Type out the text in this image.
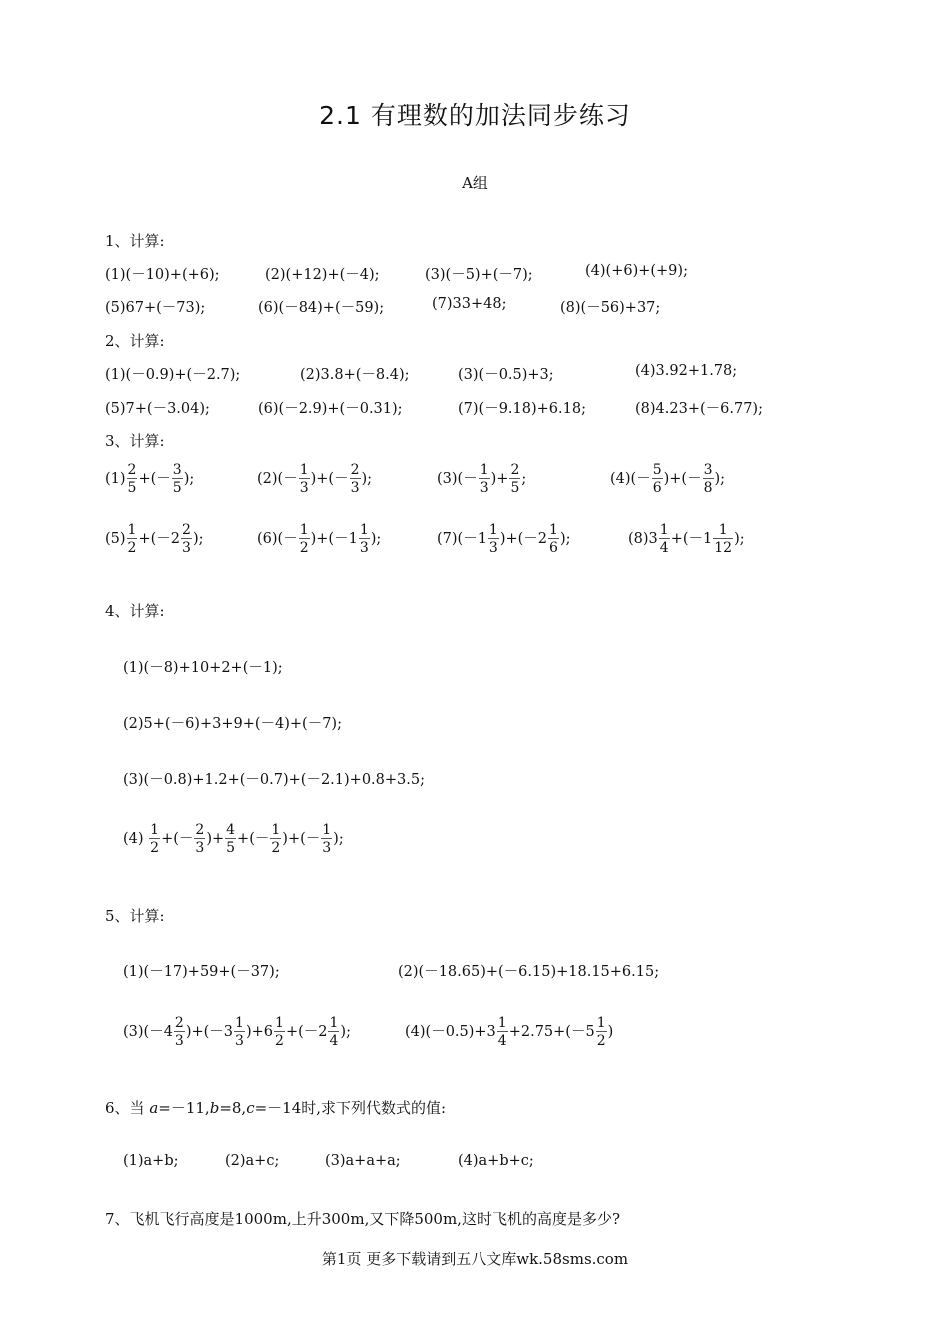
2.1 有理数的加法同步练习
A组
1、计算:
(1)(－10)+(+6);	(2)(+12)+(－4);	(3)(－5)+(－7);	(4)(+6)+(+9);
(5)67+(－73);	(6)(－84)+(－59);	(7)33+48;	(8)(－56)+37;
2、计算:
(1)(－0.9)+(－2.7);	(2)3.8+(－8.4);	(3)(－0.5)+3;	(4)3.92+1.78;
(5)7+(－3.04);	(6)(－2.9)+(－0.31);	(7)(－9.18)+6.18;	(8)4.23+(－6.77);
3、计算:
$(1) \frac{2}{5}$ +(－ $\frac{3}{5}$ );	$(2)(- \frac{1}{3}$ )+(－ $\frac{2}{3}$ );	$(3)(- \frac{1}{3}$ )+ $\frac{2}{5}$ ;	$(4)(- \frac{5}{6}$ )+(－ $\frac{3}{8}$ );
$(5) \frac{1}{2} +(-2 \frac{2}{3}$ );	$(6)(- \frac{1}{2} )+(-1 \frac{1}{3}$ );	$(7)(-1 \frac{1}{3} )+(-2 \frac{1}{6}$ );	$(8)3 \frac{1}{4} +(-1 \frac{1}{12}$ );
4、计算:
(1)(－8)+10+2+(－1);
(2)5+(－6)+3+9+(－4)+(－7);
(3)(－0.8)+1.2+(－0.7)+(－2.1)+0.8+3.5;
$(4) \frac{1}{2}$ +(－ $\frac{2}{3}$ )+ $\frac{4}{5}$ +(－ $\frac{1}{2}$ )+(－ $\frac{1}{3}$ );
5、计算:
(1)(－17)+59+(－37);	(2)(－18.65)+(－6.15)+18.15+6.15;
$(3)(-4 \frac{2}{3} )+(-3 \frac{1}{3} )+6 \frac{1}{2} +(-2 \frac{1}{4}$ );	$(4)(-0.5)+3 \frac{1}{4} +2.75+(-5 \frac{1}{2}$ )
6、当 a=－11,b=8,c=－14时,求下列代数式的值:
(1)a+b;	(2)a+c;	(3)a+a+a;	(4)a+b+c;
7、飞机飞行高度是1000m,上升300m,又下降500m,这时飞机的高度是多少?
第1页 更多下载请到五八文库wk.58sms.com
